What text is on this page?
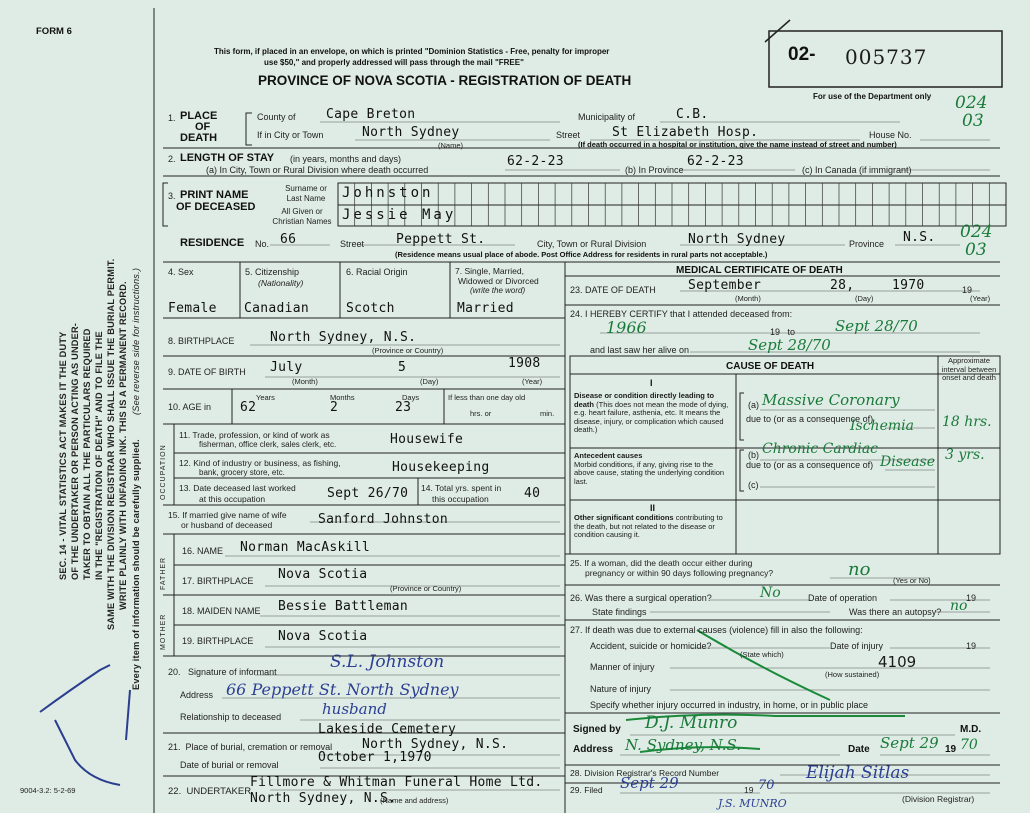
SEC. 14 - VITAL STATISTICS ACT MAKES IT THE DUTY OF THE UNDERTAKER OR PERSON ACTING AS UNDER- TAKER TO OBTAIN ALL THE PARTICULARS REQUIRED IN THE "REGISTRATION OF DEATH" AND TO FILE THE SAME WITH THE DIVISION REGISTRAR WHO SHALL ISSUE THE BURIAL PERMIT. WRITE PLAINLY WITH UNFADING INK. THIS IS A PERMANENT RECORD. Every item of information should be carefully supplied.
(See reverse side for instructions.)
FORM 6
9004-3.2: 5-2-69
This form, if placed in an envelope, on which is printed "Dominion Statistics - Free, penalty for improper
use $50," and properly addressed will pass through the mail "FREE"
PROVINCE OF NOVA SCOTIA - REGISTRATION OF DEATH
02- 005737
For use of the Department only
1. PLACE
OF
DEATH
County of Cape Breton	Municipality of	C.B.
024
03
If in City or Town	North Sydney
(Name)
Street St Elizabeth Hosp.	House No.
(If death occurred in a hospital or institution, give the name instead of street and number)
2. LENGTH OF STAY (in years, months and days)
(a) In City, Town or Rural Division where death occurred
62-2-23
(b) In Province
62-2-23
(c) In Canada (if immigrant)
3. PRINT NAME
OF DECEASED
Surname or
Last Name	Johnston
All Given or
Christian Names Jessie May
RESIDENCE No. 66	Street Peppett St.	City, Town or Rural Division	North Sydney	Province N.S. 024
03
(Residence means usual place of abode. Post Office Address for residents in rural parts not acceptable.)
4. Sex
Female
5. Citizenship
(Nationality)
Canadian
6. Racial Origin
Scotch
7. Single, Married,
Widowed or Divorced
(write the word)
Married
8. BIRTHPLACE	North Sydney, N.S.
(Province or Country)
9. DATE OF BIRTH July	5	1908
(Month)	(Day)	(Year)
10. AGE in
Years	Months	Days
62	2	23
If less than one day old
hrs. or	min.
OCCUPATION
11. Trade, profession, or kind of work as
fisherman, office clerk, sales clerk, etc.	Housewife
12. Kind of industry or business, as fishing,
bank, grocery store, etc.	Housekeeping
13. Date deceased last worked
at this occupation	Sept 26/70 14. Total yrs. spent in
this occupation	40
15. If married give name of wife
or husband of deceased	Sanford Johnston
FATHER
16. NAME Norman MacAskill
17. BIRTHPLACE Nova Scotia
(Province or Country)
MOTHER
18. MAIDEN NAME Bessie Battleman
19. BIRTHPLACE Nova Scotia
20. Signature of informant	S.L. Johnston
Address 66 Peppett St. North Sydney
Relationship to deceased	husband
Lakeside Cemetery
21. Place of burial, cremation or removal North Sydney, N.S.
October 1,1970
Date of burial or removal
22. UNDERTAKER
Fillmore & Whitman Funeral Home Ltd.
North Sydney, N.S.
(Name and address)
MEDICAL CERTIFICATE OF DEATH
23. DATE OF DEATH September	28,	1970	19
(Month)	(Day)	(Year)
24. I HEREBY CERTIFY that I attended deceased from:
1966	19 to	Sept 28/70
and last saw her alive on	Sept 28/70
CAUSE OF DEATH
Approximate interval between onset and death
I
Disease or condition directly leading to death (This does not mean the mode of dying, e.g. heart failure, asthenia, etc. It means the disease, injury, or complication which caused death.)
(a) Massive Coronary
due to (or as a consequence of)
Ischemia 18 hrs.
Antecedent causes
Morbid conditions, if any, giving rise to the above cause, stating the underlying condition last.
(b) Chronic Cardiac
due to (or as a consequence of) Disease 3 yrs.
(c)
II
Other significant conditions contributing to the death, but not related to the disease or condition causing it.
25. If a woman, did the death occur either during
pregnancy or within 90 days following pregnancy?	no
(Yes or No)
26. Was there a surgical operation?	No	Date of operation	19
State findings	Was there an autopsy? no
27. If death was due to external causes (violence) fill in also the following:
Accident, suicide or homicide?
(State which)
Date of injury	19
Manner of injury	4109
(How sustained)
Nature of injury
Specify whether injury occurred in industry, in home, or in public place
Signed by D.J. Munro	M.D.
Address N. Sydney, N.S.	Date Sept 29 19 70
28. Division Registrar's Record Number
29. Filed Sept 29	19 70
Elijah Sitlas
J.S. MUNRO	(Division Registrar)
